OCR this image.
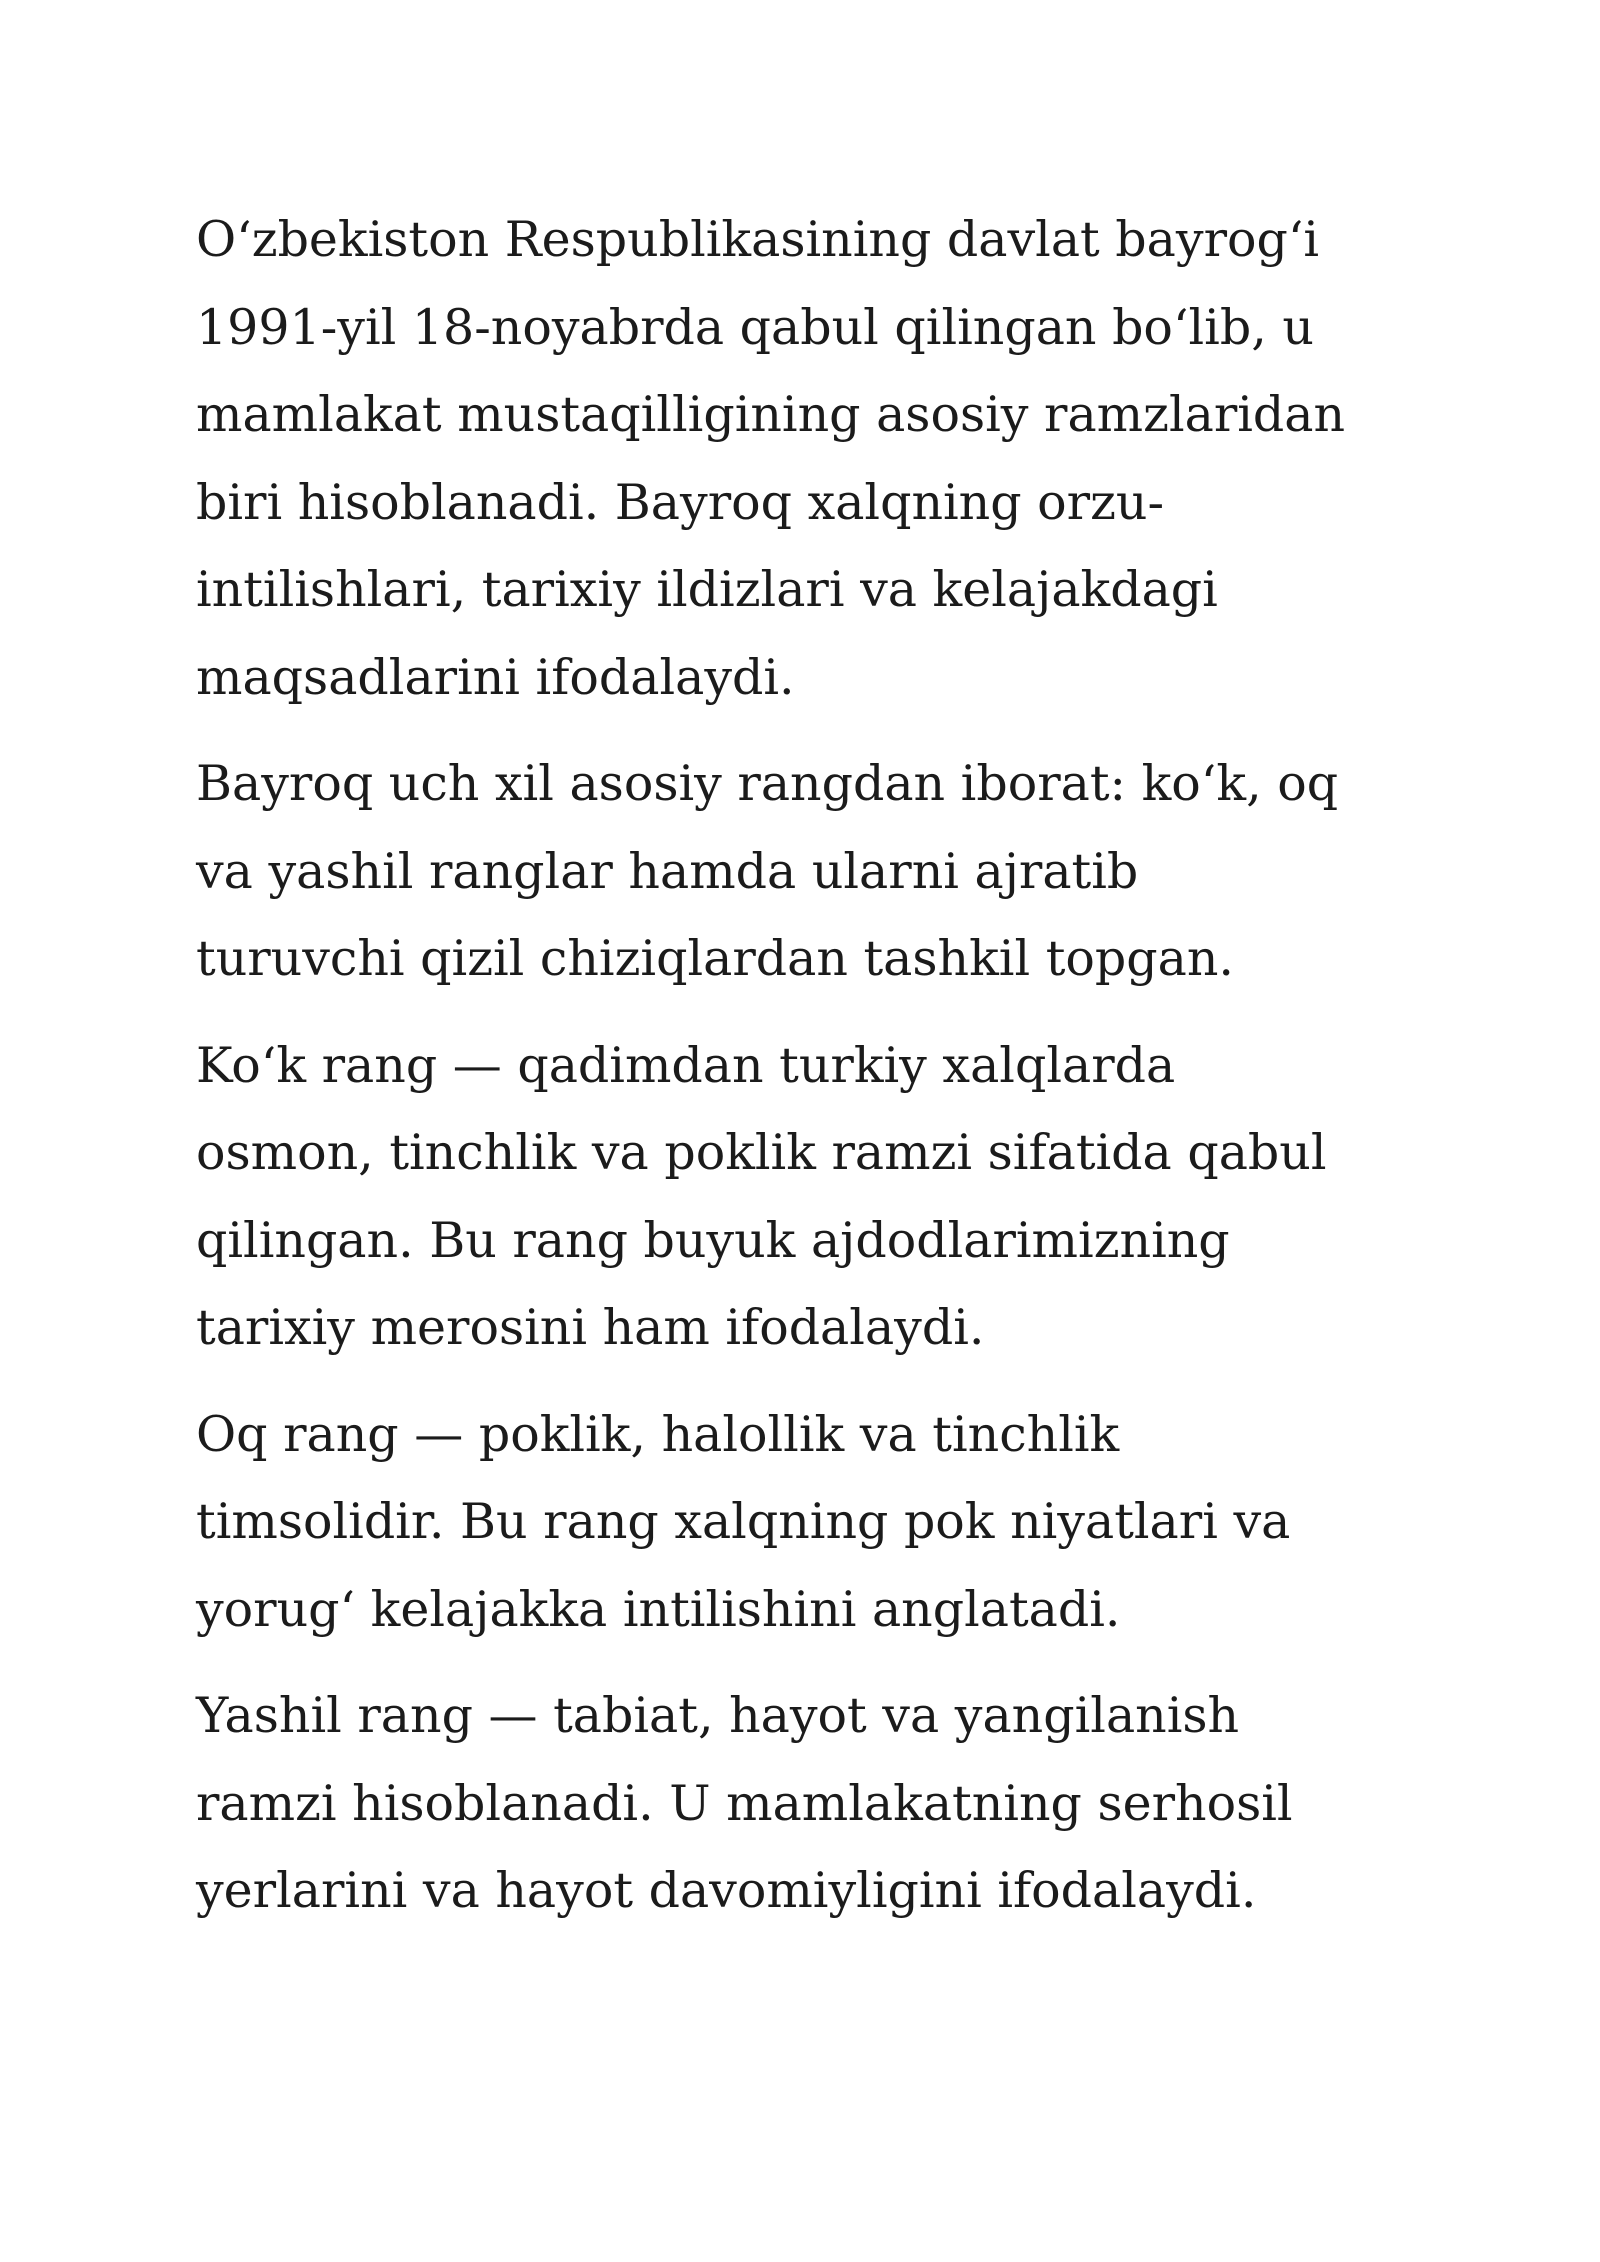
Oʻzbekiston Respublikasining davlat bayrogʻi
1991-yil 18-noyabrda qabul qilingan boʻlib, u
mamlakat mustaqilligining asosiy ramzlaridan
biri hisoblanadi. Bayroq xalqning orzu-
intilishlari, tarixiy ildizlari va kelajakdagi
maqsadlarini ifodalaydi.

Bayroq uch xil asosiy rangdan iborat: koʻk, oq
va yashil ranglar hamda ularni ajratib
turuvchi qizil chiziqlardan tashkil topgan.

Koʻk rang — qadimdan turkiy xalqlarda
osmon, tinchlik va poklik ramzi sifatida qabul
qilingan. Bu rang buyuk ajdodlarimizning
tarixiy merosini ham ifodalaydi.

Oq rang — poklik, halollik va tinchlik
timsolidir. Bu rang xalqning pok niyatlari va
yorugʻ kelajakka intilishini anglatadi.

Yashil rang — tabiat, hayot va yangilanish
ramzi hisoblanadi. U mamlakatning serhosil
yerlarini va hayot davomiyligini ifodalaydi.
